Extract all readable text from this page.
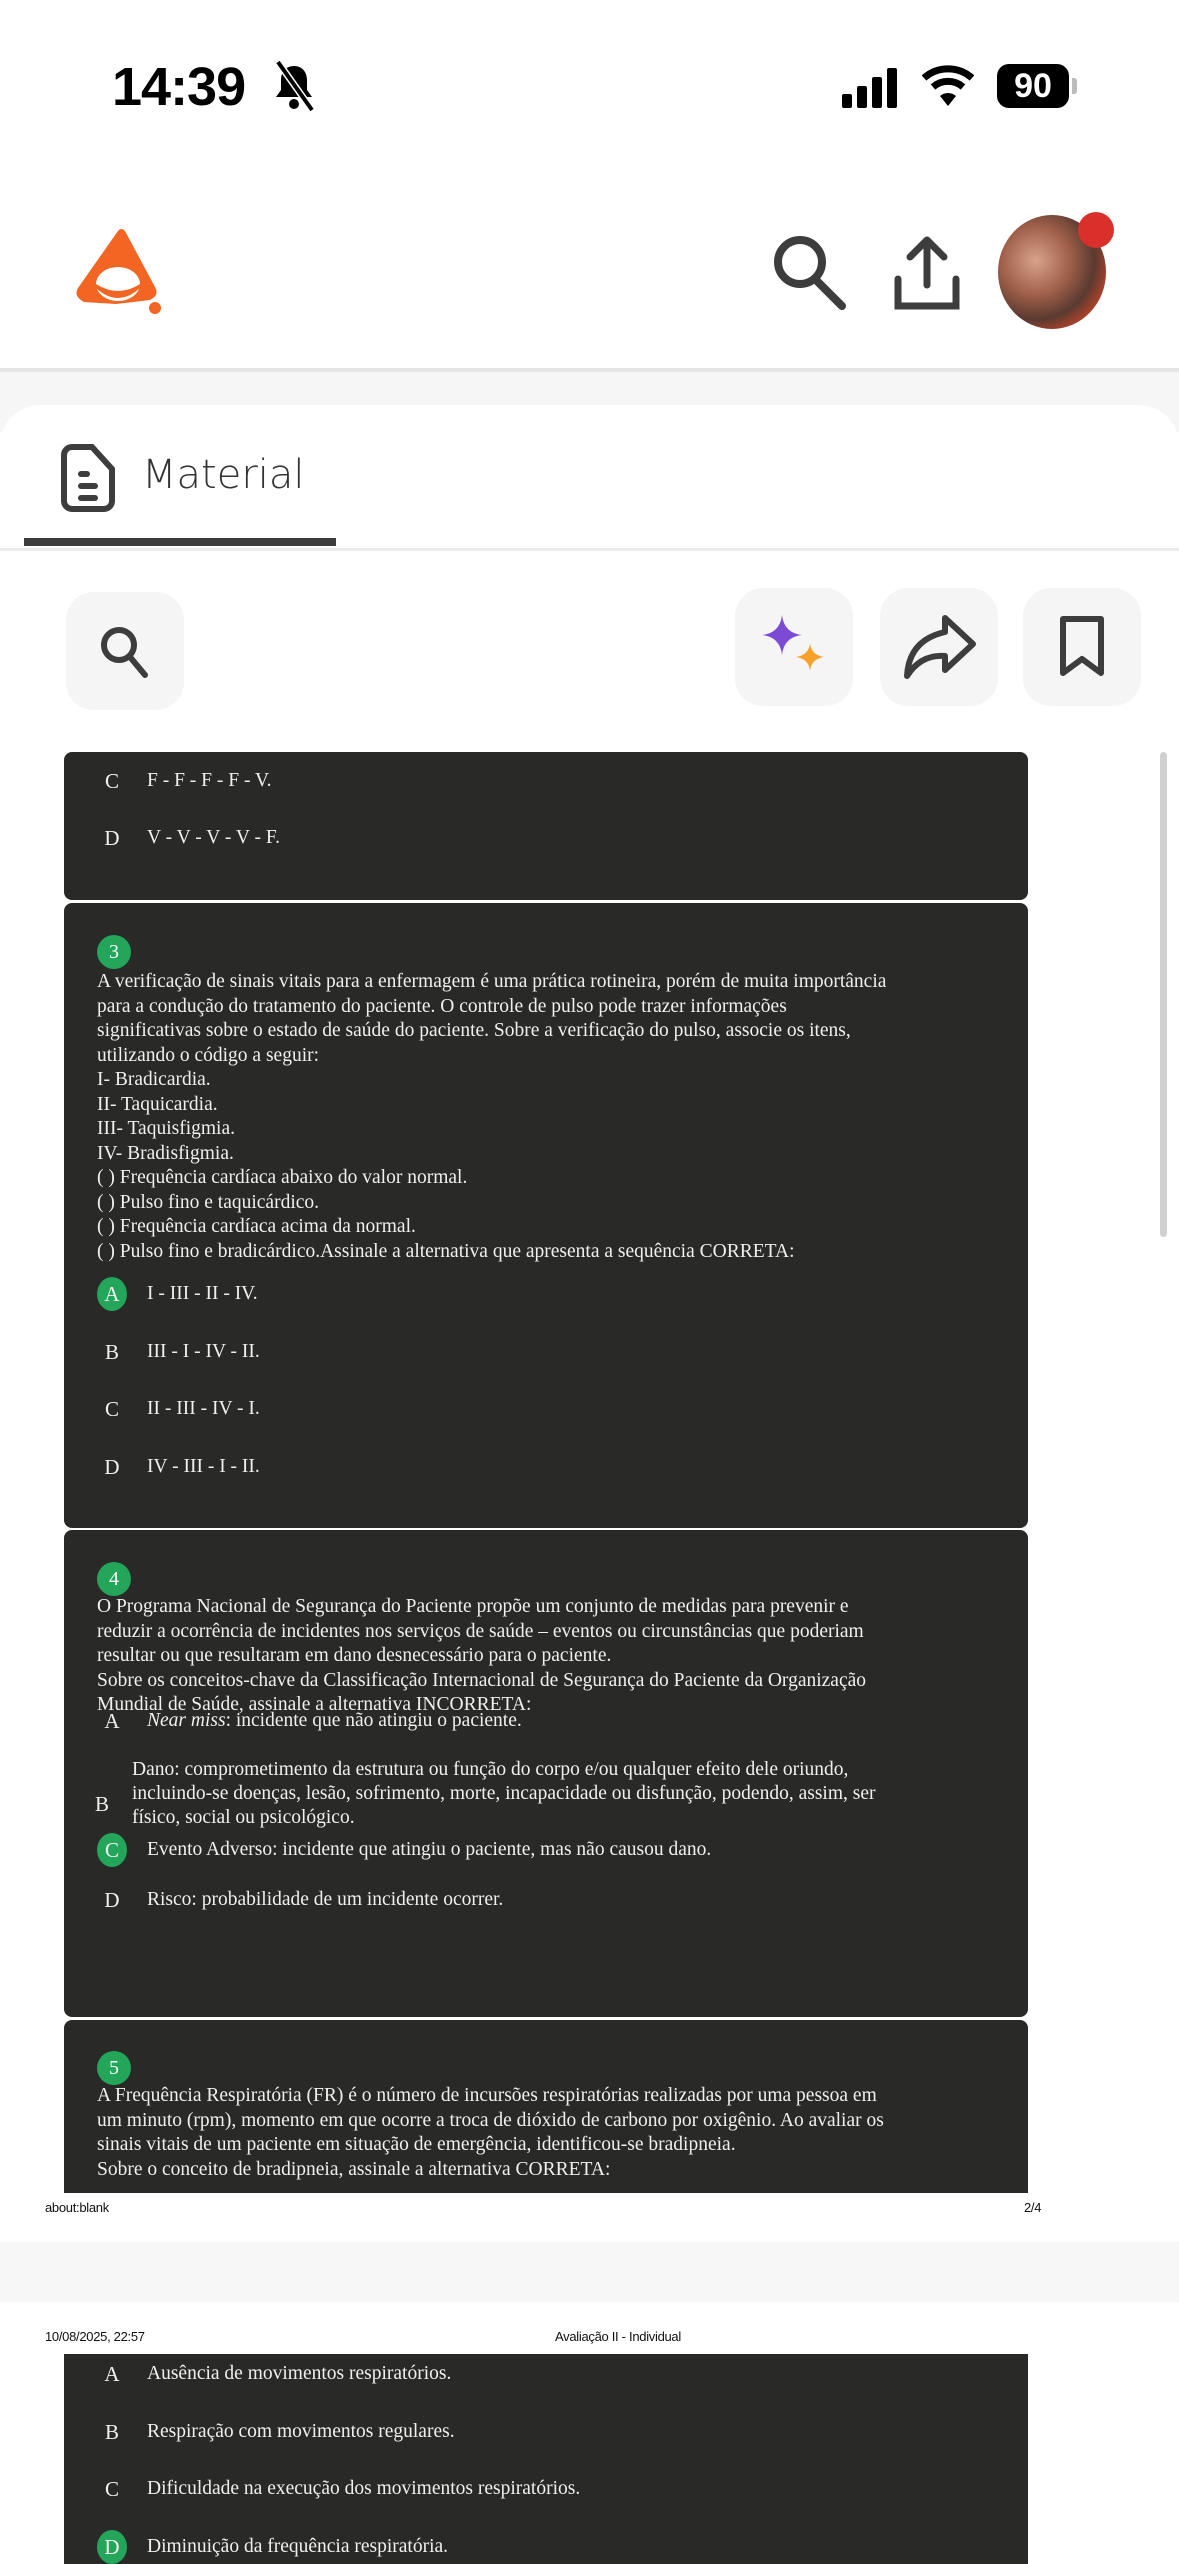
14:39	90
Material
C	F - F - F - F - V.
D	V - V - V - V - F.
3
A verificação de sinais vitais para a enfermagem é uma prática rotineira, porém de muita importância
para a condução do tratamento do paciente. O controle de pulso pode trazer informações
significativas sobre o estado de saúde do paciente. Sobre a verificação do pulso, associe os itens,
utilizando o código a seguir:
I- Bradicardia.
II- Taquicardia.
III- Taquisfigmia.
IV- Bradisfigmia.
( ) Frequência cardíaca abaixo do valor normal.
( ) Pulso fino e taquicárdico.
( ) Frequência cardíaca acima da normal.
( ) Pulso fino e bradicárdico.Assinale a alternativa que apresenta a sequência CORRETA:
A	I - III - II - IV.
B	III - I - IV - II.
C	II - III - IV - I.
D	IV - III - I - II.
4
O Programa Nacional de Segurança do Paciente propõe um conjunto de medidas para prevenir e
reduzir a ocorrência de incidentes nos serviços de saúde – eventos ou circunstâncias que poderiam
resultar ou que resultaram em dano desnecessário para o paciente.
Sobre os conceitos-chave da Classificação Internacional de Segurança do Paciente da Organização
Mundial de Saúde, assinale a alternativa INCORRETA:
A	Near miss: incidente que não atingiu o paciente.
B
Dano: comprometimento da estrutura ou função do corpo e/ou qualquer efeito dele oriundo,
incluindo-se doenças, lesão, sofrimento, morte, incapacidade ou disfunção, podendo, assim, ser
físico, social ou psicológico.
C	Evento Adverso: incidente que atingiu o paciente, mas não causou dano.
D	Risco: probabilidade de um incidente ocorrer.
5
A Frequência Respiratória (FR) é o número de incursões respiratórias realizadas por uma pessoa em
um minuto (rpm), momento em que ocorre a troca de dióxido de carbono por oxigênio. Ao avaliar os
sinais vitais de um paciente em situação de emergência, identificou-se bradipneia.
Sobre o conceito de bradipneia, assinale a alternativa CORRETA:
about:blank	2/4
10/08/2025, 22:57	Avaliação II - Individual
A	Ausência de movimentos respiratórios.
B	Respiração com movimentos regulares.
C	Dificuldade na execução dos movimentos respiratórios.
D	Diminuição da frequência respiratória.
